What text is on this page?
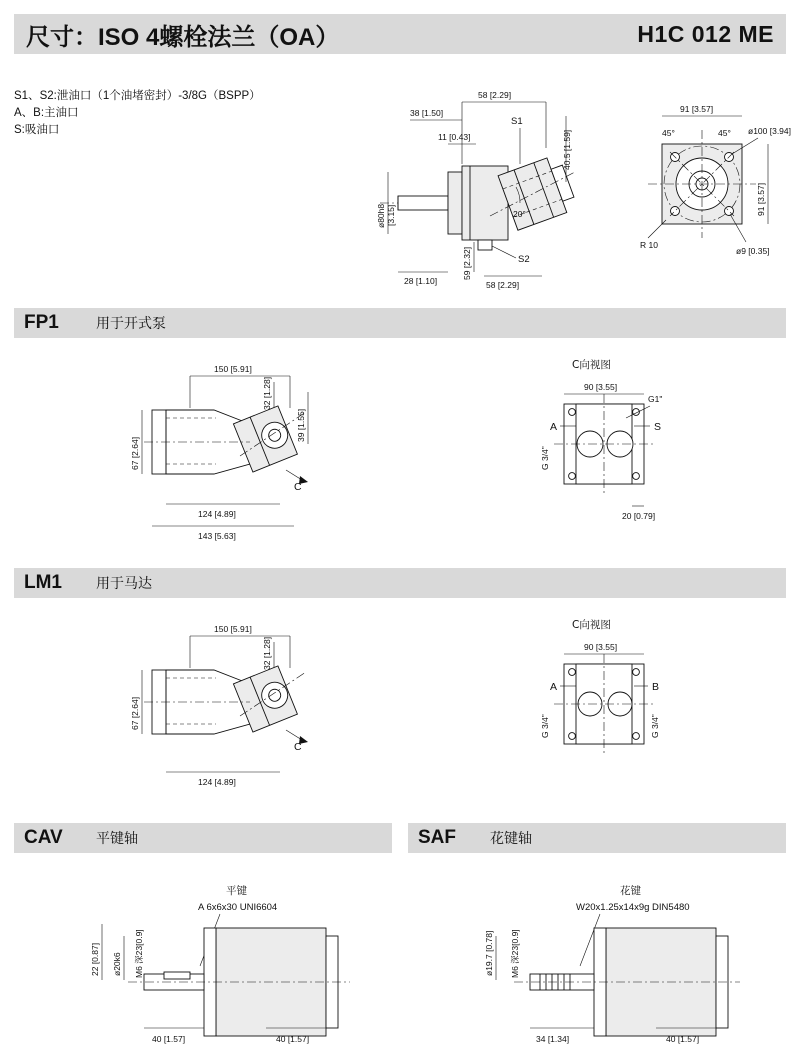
尺寸：ISO 4螺栓法兰（OA）	H1C 012 ME
S1、S2:泄油口（1个油堵密封）-3/8G（BSPP）
A、B:主油口
S:吸油口
20°
S1
S2
58 [2.29]
38 [1.50]
11 [0.43]	40.5 [1.59]
ø80h8 [3.15]
28 [1.10]
59 [2.32]
58 [2.29]
45°	45°
91 [3.57]
ø100 [3.94]
91 [3.57]
R 10
ø9 [0.35]
FP1	用于开式泵
150 [5.91]
32 [1.28]
39 [1.55]
67 [2.64]
C
124 [4.89]
143 [5.63]
C向视图
90 [3.55]
G1"
A	S
G 3/4"
20 [0.79]
LM1	用于马达
150 [5.91]
32 [1.28]
67 [2.64]
C
124 [4.89]
C向视图
90 [3.55]
A	B
G 3/4"	G 3/4"
CAV	平键轴	SAF	花键轴
平键
A 6x6x30 UNI6604
22 [0.87] ø20k6 M6 深23[0.9]
40 [1.57]	40 [1.57]
花键
W20x1.25x14x9g DIN5480
ø19.7 [0.78] M6 深23[0.9]
34 [1.34]	40 [1.57]
